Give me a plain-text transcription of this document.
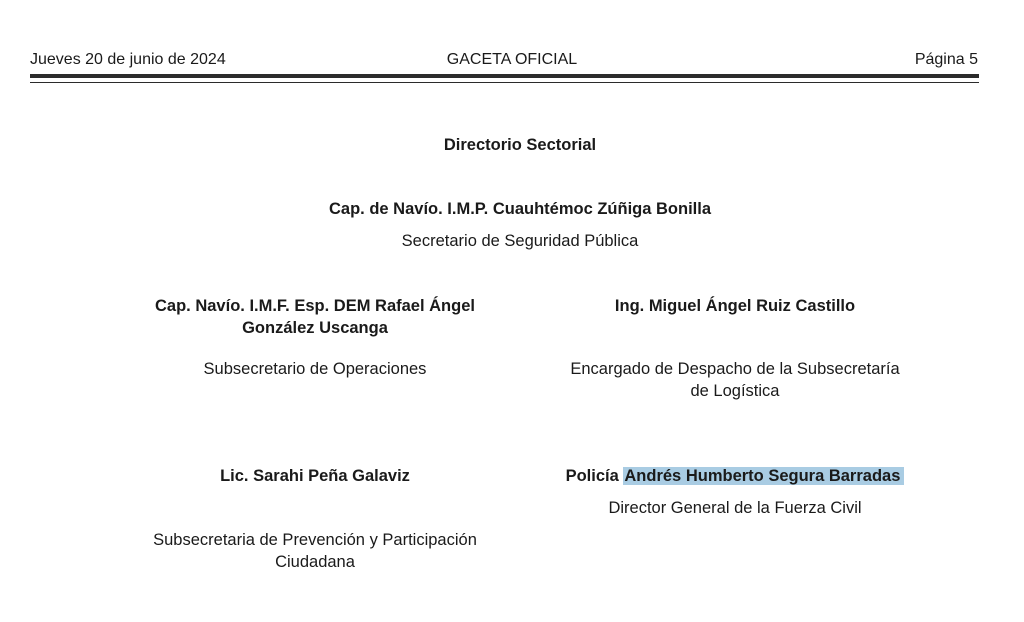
Jueves 20 de junio de 2024	GACETA OFICIAL	Página 5
Directorio Sectorial
Cap. de Navío. I.M.P. Cuauhtémoc Zúñiga Bonilla
Secretario de Seguridad Pública
Cap. Navío. I.M.F. Esp. DEM Rafael Ángel
González Uscanga
Subsecretario de Operaciones
Ing. Miguel Ángel Ruiz Castillo
Encargado de Despacho de la Subsecretaría
de Logística
Lic. Sarahi Peña Galaviz
Subsecretaria de Prevención y Participación
Ciudadana
Policía Andrés Humberto Segura Barradas
Director General de la Fuerza Civil
